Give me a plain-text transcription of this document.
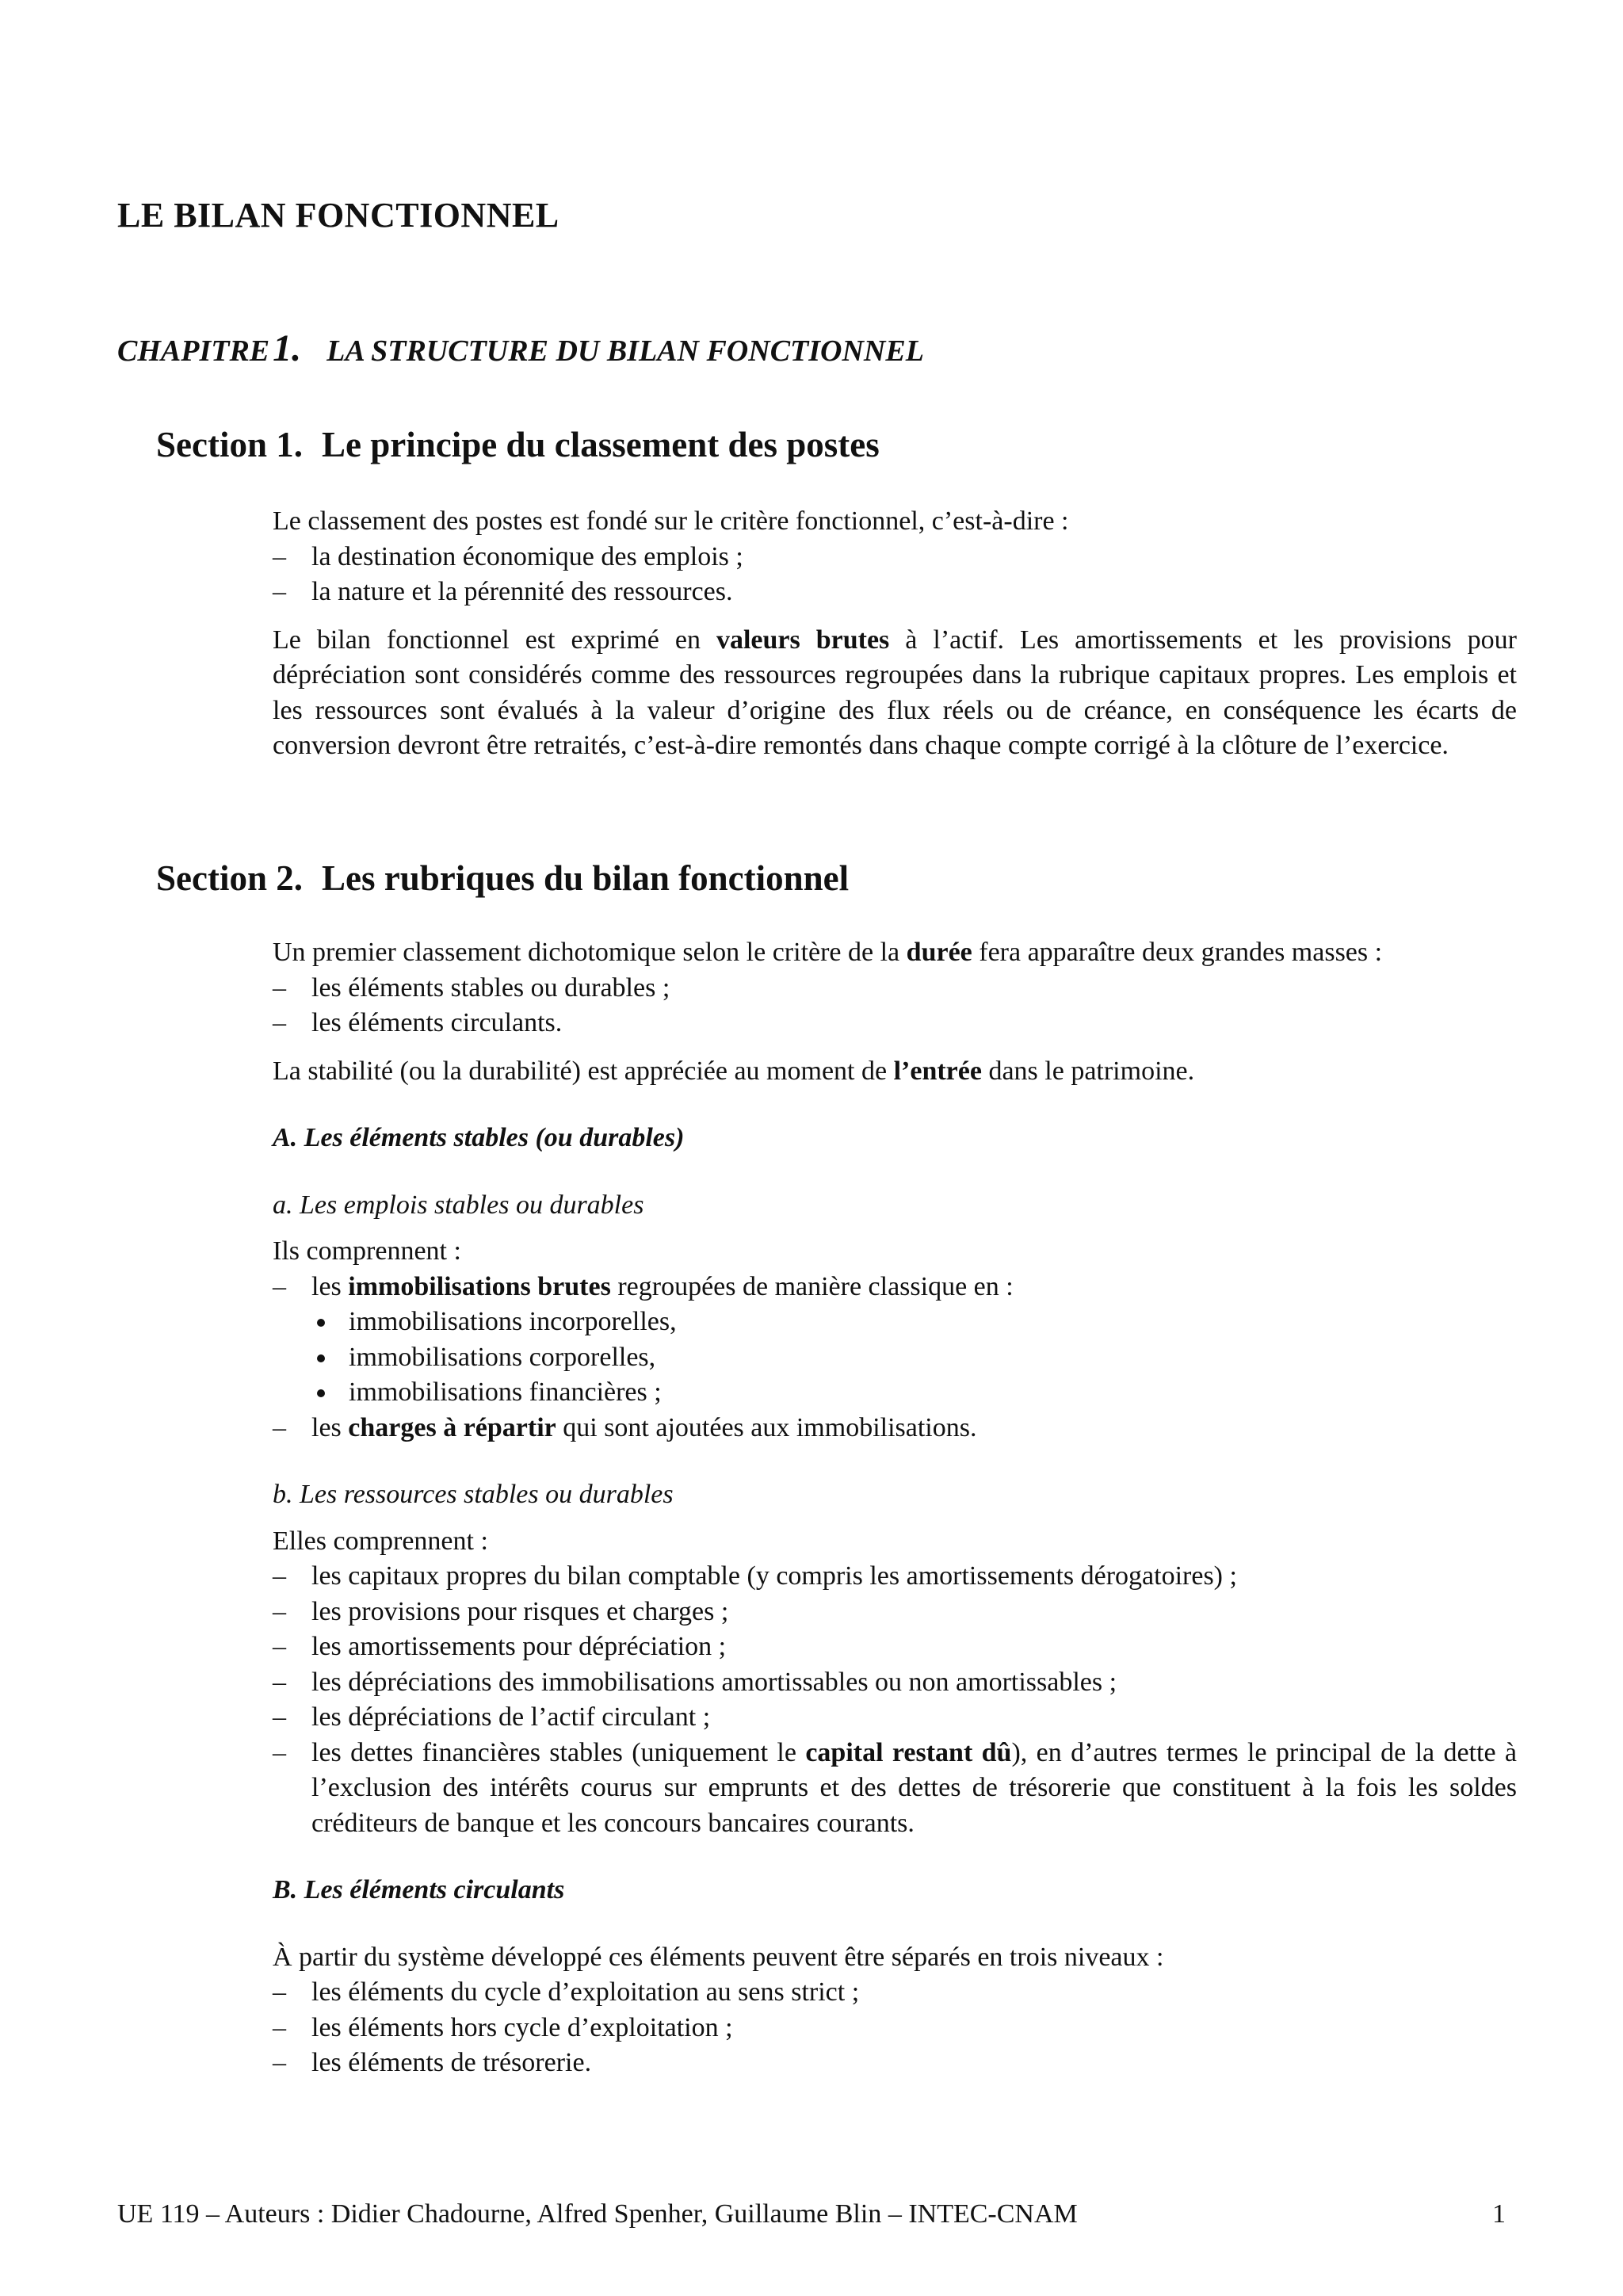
LE BILAN FONCTIONNEL
CHAPITRE1. LA STRUCTURE DU BILAN FONCTIONNEL
Section 1. Le principe du classement des postes

Le classement des postes est fondé sur le critère fonctionnel, c’est-à-dire :

– la destination économique des emplois ;
– la nature et la pérennité des ressources.

Le bilan fonctionnel est exprimé en valeurs brutes à l’actif. Les amortissements et les provisions pour dépréciation sont considérés comme des ressources regroupées dans la rubrique capitaux propres. Les emplois et les ressources sont évalués à la valeur d’origine des flux réels ou de créance, en conséquence les écarts de conversion devront être retraités, c’est-à-dire remontés dans chaque compte corrigé à la clôture de l’exercice.

Section 2. Les rubriques du bilan fonctionnel

Un premier classement dichotomique selon le critère de la durée fera apparaître deux grandes masses :

– les éléments stables ou durables ;
– les éléments circulants.

La stabilité (ou la durabilité) est appréciée au moment de l’entrée dans le patrimoine.

A. Les éléments stables (ou durables)

a. Les emplois stables ou durables

Ils comprennent :

– les immobilisations brutes regroupées de manière classique en :
immobilisations incorporelles,
immobilisations corporelles,
immobilisations financières ;
– les charges à répartir qui sont ajoutées aux immobilisations.

b. Les ressources stables ou durables

Elles comprennent :

– les capitaux propres du bilan comptable (y compris les amortissements dérogatoires) ;
– les provisions pour risques et charges ;
– les amortissements pour dépréciation ;
– les dépréciations des immobilisations amortissables ou non amortissables ;
– les dépréciations de l’actif circulant ;
– les dettes financières stables (uniquement le capital restant dû), en d’autres termes le principal de la dette à l’exclusion des intérêts courus sur emprunts et des dettes de trésorerie que constituent à la fois les soldes créditeurs de banque et les concours bancaires courants.

B. Les éléments circulants

À partir du système développé ces éléments peuvent être séparés en trois niveaux :

– les éléments du cycle d’exploitation au sens strict ;
– les éléments hors cycle d’exploitation ;
– les éléments de trésorerie.
UE 119 – Auteurs : Didier Chadourne, Alfred Spenher, Guillaume Blin – INTEC-CNAM	1
